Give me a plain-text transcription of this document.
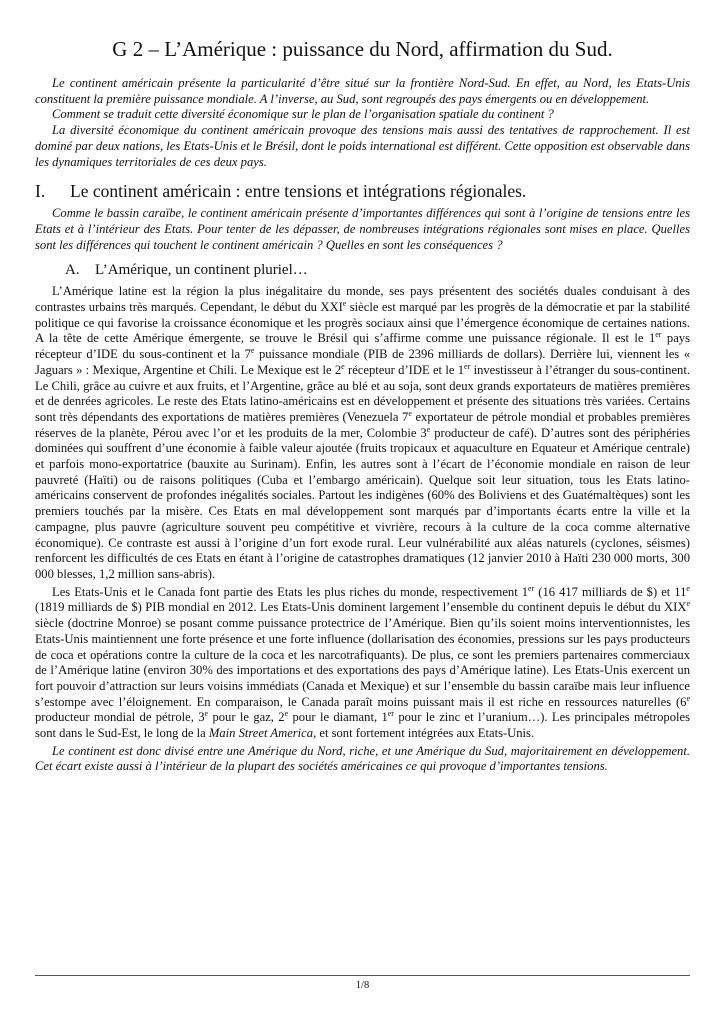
G 2 – L’Amérique : puissance du Nord, affirmation du Sud.

Le continent américain présente la particularité d’être situé sur la frontière Nord-Sud. En effet, au Nord, les Etats-Unis constituent la première puissance mondiale. A l’inverse, au Sud, sont regroupés des pays émergents ou en développement.

Comment se traduit cette diversité économique sur le plan de l’organisation spatiale du continent ?

La diversité économique du continent américain provoque des tensions mais aussi des tentatives de rapprochement. Il est dominé par deux nations, les Etats-Unis et le Brésil, dont le poids international est différent. Cette opposition est observable dans les dynamiques territoriales de ces deux pays.

I. Le continent américain : entre tensions et intégrations régionales.

Comme le bassin caraïbe, le continent américain présente d’importantes différences qui sont à l’origine de tensions entre les Etats et à l’intérieur des Etats. Pour tenter de les dépasser, de nombreuses intégrations régionales sont mises en place. Quelles sont les différences qui touchent le continent américain ? Quelles en sont les conséquences ?

A. L’Amérique, un continent pluriel…

L’Amérique latine est la région la plus inégalitaire du monde, ses pays présentent des sociétés duales conduisant à des contrastes urbains très marqués. Cependant, le début du XXIe siècle est marqué par les progrès de la démocratie et par la stabilité politique ce qui favorise la croissance économique et les progrès sociaux ainsi que l’émergence économique de certaines nations. A la tête de cette Amérique émergente, se trouve le Brésil qui s’affirme comme une puissance régionale. Il est le 1er pays récepteur d’IDE du sous-continent et la 7e puissance mondiale (PIB de 2396 milliards de dollars). Derrière lui, viennent les « Jaguars » : Mexique, Argentine et Chili. Le Mexique est le 2e récepteur d’IDE et le 1er investisseur à l’étranger du sous-continent. Le Chili, grâce au cuivre et aux fruits, et l’Argentine, grâce au blé et au soja, sont deux grands exportateurs de matières premières et de denrées agricoles. Le reste des Etats latino-américains est en développement et présente des situations très variées. Certains sont très dépendants des exportations de matières premières (Venezuela 7e exportateur de pétrole mondial et probables premières réserves de la planète, Pérou avec l’or et les produits de la mer, Colombie 3e producteur de café). D’autres sont des périphéries dominées qui souffrent d’une économie à faible valeur ajoutée (fruits tropicaux et aquaculture en Equateur et Amérique centrale) et parfois mono-exportatrice (bauxite au Surinam). Enfin, les autres sont à l’écart de l’économie mondiale en raison de leur pauvreté (Haïti) ou de raisons politiques (Cuba et l’embargo américain). Quelque soit leur situation, tous les Etats latino-américains conservent de profondes inégalités sociales. Partout les indigènes (60% des Boliviens et des Guatémaltèques) sont les premiers touchés par la misère. Ces Etats en mal développement sont marqués par d’importants écarts entre la ville et la campagne, plus pauvre (agriculture souvent peu compétitive et vivrière, recours à la culture de la coca comme alternative économique). Ce contraste est aussi à l’origine d’un fort exode rural. Leur vulnérabilité aux aléas naturels (cyclones, séismes) renforcent les difficultés de ces Etats en étant à l’origine de catastrophes dramatiques (12 janvier 2010 à Haïti 230 000 morts, 300 000 blesses, 1,2 million sans-abris).

Les Etats-Unis et le Canada font partie des Etats les plus riches du monde, respectivement 1er (16 417 milliards de $) et 11e (1819 milliards de $) PIB mondial en 2012. Les Etats-Unis dominent largement l’ensemble du continent depuis le début du XIXe siècle (doctrine Monroe) se posant comme puissance protectrice de l’Amérique. Bien qu’ils soient moins interventionnistes, les Etats-Unis maintiennent une forte présence et une forte influence (dollarisation des économies, pressions sur les pays producteurs de coca et opérations contre la culture de la coca et les narcotrafiquants). De plus, ce sont les premiers partenaires commerciaux de l’Amérique latine (environ 30% des importations et des exportations des pays d’Amérique latine). Les Etats-Unis exercent un fort pouvoir d’attraction sur leurs voisins immédiats (Canada et Mexique) et sur l’ensemble du bassin caraïbe mais leur influence s’estompe avec l’éloignement. En comparaison, le Canada paraît moins puissant mais il est riche en ressources naturelles (6e producteur mondial de pétrole, 3e pour le gaz, 2e pour le diamant, 1er pour le zinc et l’uranium…). Les principales métropoles sont dans le Sud-Est, le long de la Main Street America, et sont fortement intégrées aux Etats-Unis.

Le continent est donc divisé entre une Amérique du Nord, riche, et une Amérique du Sud, majoritairement en développement. Cet écart existe aussi à l’intérieur de la plupart des sociétés américaines ce qui provoque d’importantes tensions.

1/8
